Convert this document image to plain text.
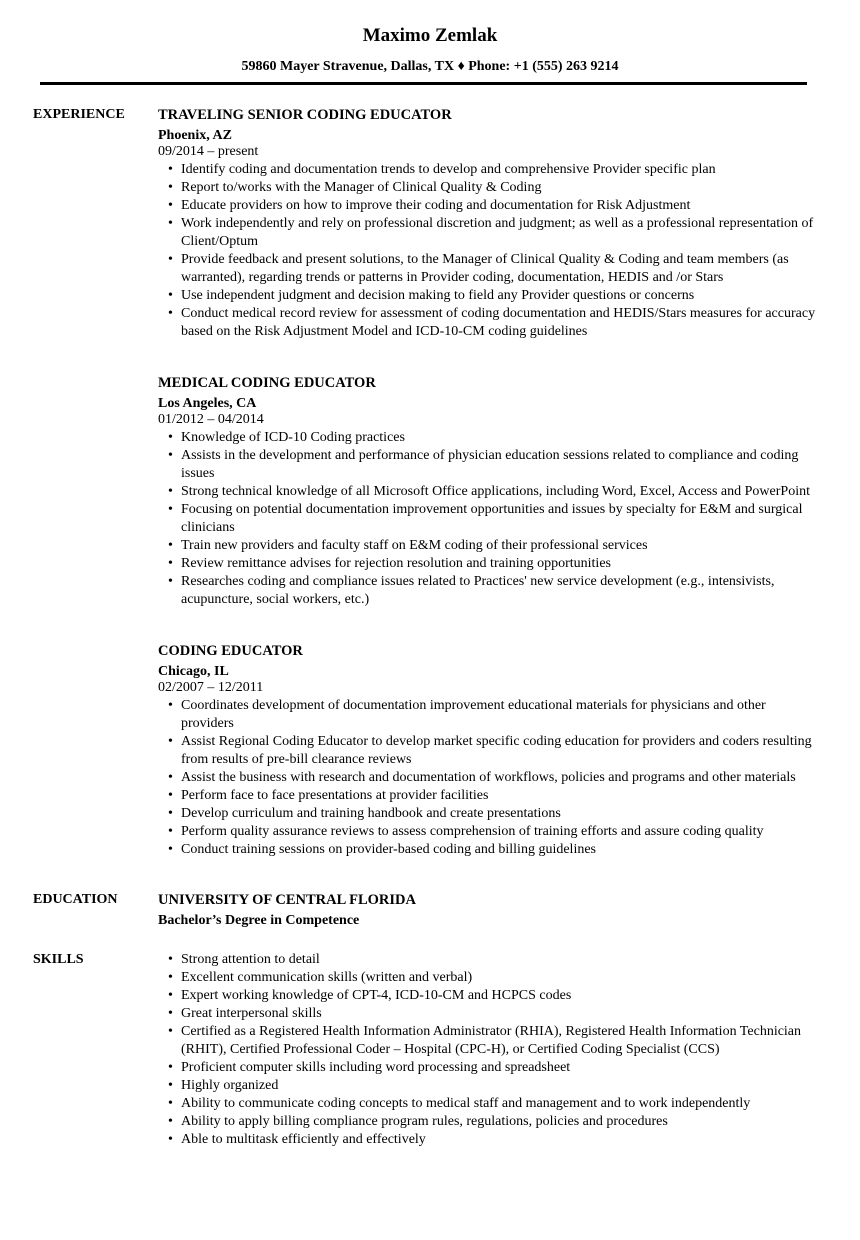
Maximo Zemlak
59860 Mayer Stravenue, Dallas, TX ♦ Phone: +1 (555) 263 9214
EXPERIENCE	TRAVELING SENIOR CODING EDUCATOR
Phoenix, AZ
09/2014 – present
• Identify coding and documentation trends to develop and comprehensive Provider specific plan
• Report to/works with the Manager of Clinical Quality & Coding
• Educate providers on how to improve their coding and documentation for Risk Adjustment
• Work independently and rely on professional discretion and judgment; as well as a professional representation of Client/Optum
• Provide feedback and present solutions, to the Manager of Clinical Quality & Coding and team members (as warranted), regarding trends or patterns in Provider coding, documentation, HEDIS and /or Stars
• Use independent judgment and decision making to field any Provider questions or concerns
• Conduct medical record review for assessment of coding documentation and HEDIS/Stars measures for accuracy based on the Risk Adjustment Model and ICD-10-CM coding guidelines
MEDICAL CODING EDUCATOR
Los Angeles, CA
01/2012 – 04/2014
• Knowledge of ICD-10 Coding practices
• Assists in the development and performance of physician education sessions related to compliance and coding issues
• Strong technical knowledge of all Microsoft Office applications, including Word, Excel, Access and PowerPoint
• Focusing on potential documentation improvement opportunities and issues by specialty for E&M and surgical clinicians
• Train new providers and faculty staff on E&M coding of their professional services
• Review remittance advises for rejection resolution and training opportunities
• Researches coding and compliance issues related to Practices' new service development (e.g., intensivists, acupuncture, social workers, etc.)
CODING EDUCATOR
Chicago, IL
02/2007 – 12/2011
• Coordinates development of documentation improvement educational materials for physicians and other providers
• Assist Regional Coding Educator to develop market specific coding education for providers and coders resulting from results of pre-bill clearance reviews
• Assist the business with research and documentation of workflows, policies and programs and other materials
• Perform face to face presentations at provider facilities
• Develop curriculum and training handbook and create presentations
• Perform quality assurance reviews to assess comprehension of training efforts and assure coding quality
• Conduct training sessions on provider-based coding and billing guidelines
EDUCATION	UNIVERSITY OF CENTRAL FLORIDA
Bachelor’s Degree in Competence
SKILLS	• Strong attention to detail
• Excellent communication skills (written and verbal)
• Expert working knowledge of CPT-4, ICD-10-CM and HCPCS codes
• Great interpersonal skills
• Certified as a Registered Health Information Administrator (RHIA), Registered Health Information Technician (RHIT), Certified Professional Coder – Hospital (CPC-H), or Certified Coding Specialist (CCS)
• Proficient computer skills including word processing and spreadsheet
• Highly organized
• Ability to communicate coding concepts to medical staff and management and to work independently
• Ability to apply billing compliance program rules, regulations, policies and procedures
• Able to multitask efficiently and effectively
